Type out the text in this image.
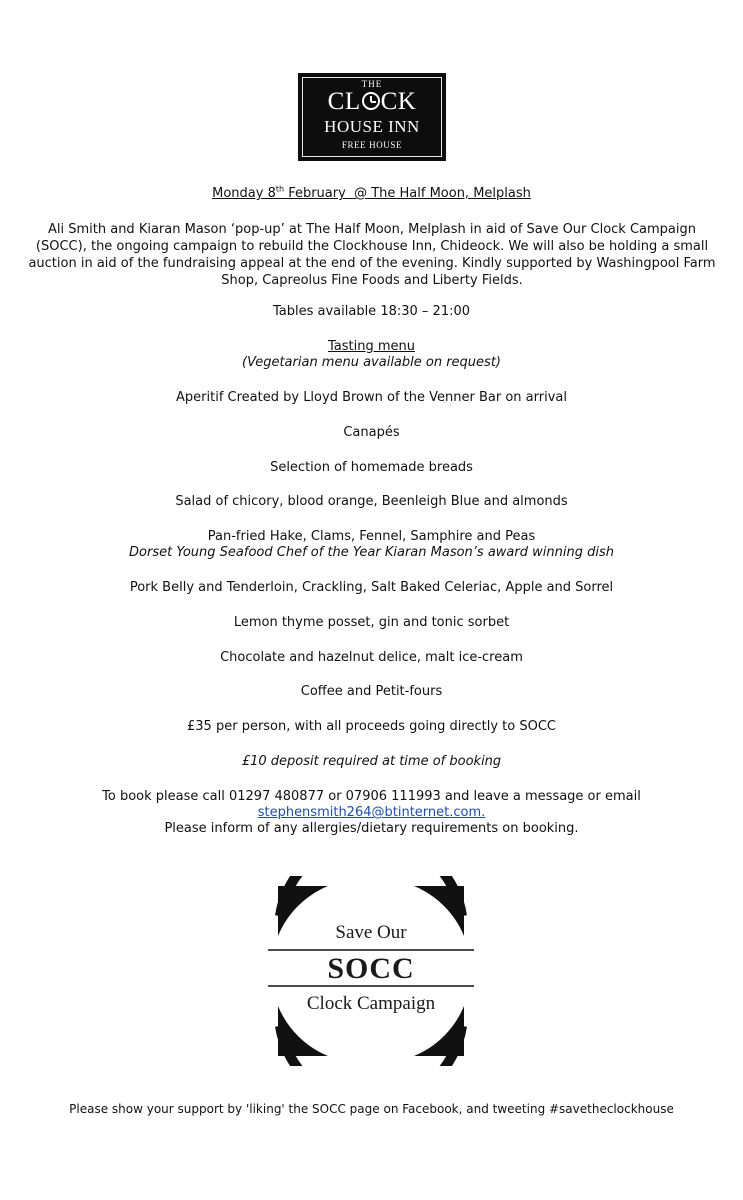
THE
CL CK
HOUSE INN
FREE HOUSE
Monday 8th February  @ The Half Moon, Melplash
Ali Smith and Kiaran Mason ‘pop-up’ at The Half Moon, Melplash in aid of Save Our Clock Campaign (SOCC), the ongoing campaign to rebuild the Clockhouse Inn, Chideock. We will also be holding a small auction in aid of the fundraising appeal at the end of the evening. Kindly supported by Washingpool Farm Shop, Capreolus Fine Foods and Liberty Fields.
Tables available 18:30 – 21:00
Tasting menu
(Vegetarian menu available on request)
Aperitif Created by Lloyd Brown of the Venner Bar on arrival
Canapés
Selection of homemade breads
Salad of chicory, blood orange, Beenleigh Blue and almonds
Pan-fried Hake, Clams, Fennel, Samphire and Peas
Dorset Young Seafood Chef of the Year Kiaran Mason’s award winning dish
Pork Belly and Tenderloin, Crackling, Salt Baked Celeriac, Apple and Sorrel
Lemon thyme posset, gin and tonic sorbet
Chocolate and hazelnut delice, malt ice-cream
Coffee and Petit-fours
£35 per person, with all proceeds going directly to SOCC
£10 deposit required at time of booking
To book please call 01297 480877 or 07906 111993 and leave a message or email
stephensmith264@btinternet.com.
Please inform of any allergies/dietary requirements on booking.
Save Our
SOCC
Clock Campaign
Please show your support by 'liking' the SOCC page on Facebook, and tweeting #savetheclockhouse
